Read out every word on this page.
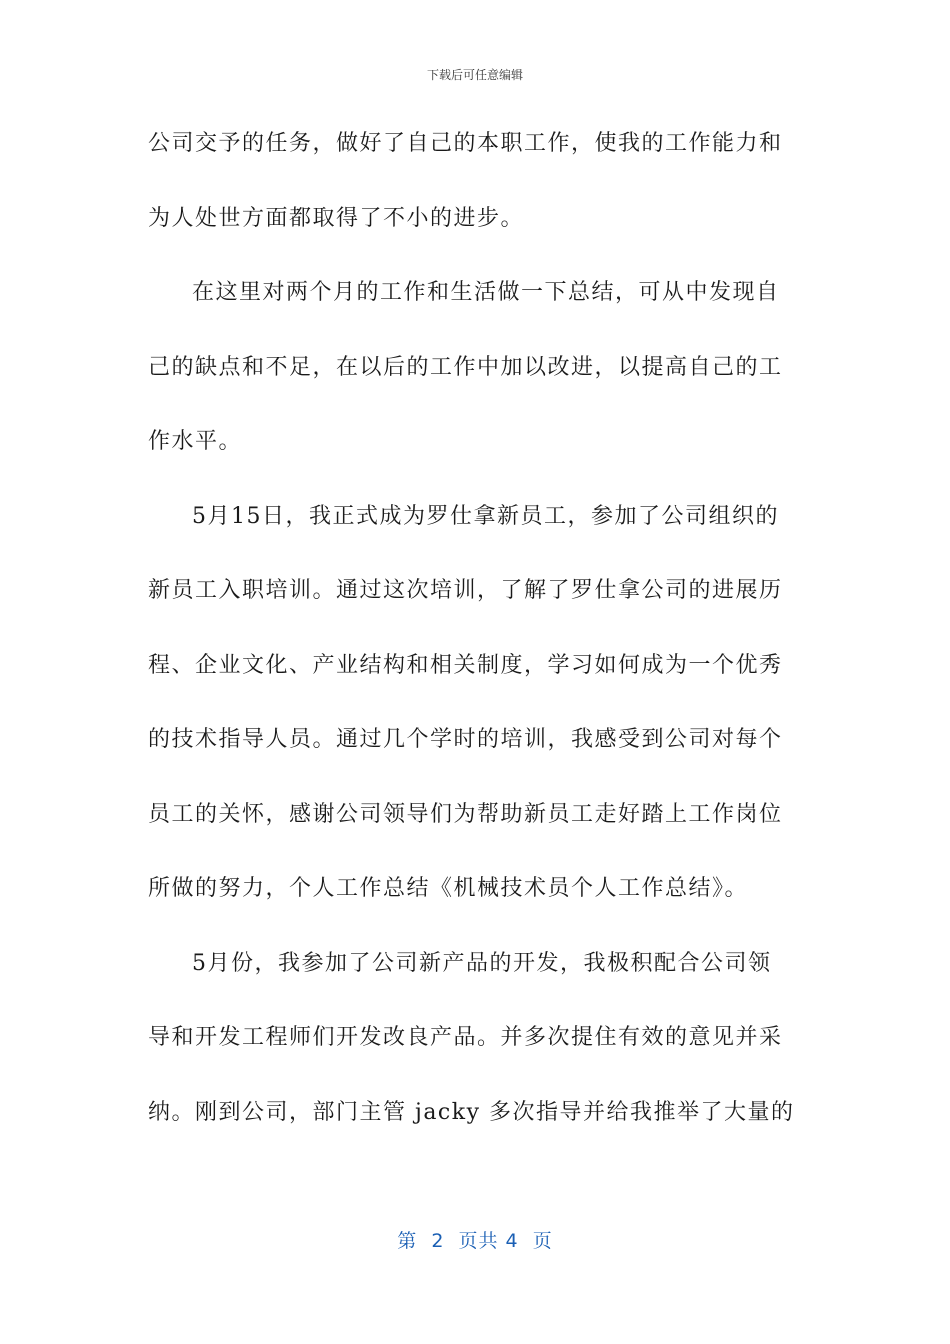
下载后可任意编辑
公司交予的任务，做好了自己的本职工作，使我的工作能力和
为人处世方面都取得了不小的进步。
在这里对两个月的工作和生活做一下总结，可从中发现自
己的缺点和不足，在以后的工作中加以改进，以提高自己的工
作水平。
5月15日，我正式成为罗仕拿新员工，参加了公司组织的
新员工入职培训。通过这次培训，了解了罗仕拿公司的进展历
程、企业文化、产业结构和相关制度，学习如何成为一个优秀
的技术指导人员。通过几个学时的培训，我感受到公司对每个
员工的关怀，感谢公司领导们为帮助新员工走好踏上工作岗位
所做的努力，个人工作总结《机械技术员个人工作总结》。
5月份，我参加了公司新产品的开发，我极积配合公司领
导和开发工程师们开发改良产品。并多次提住有效的意见并采
纳。刚到公司，部门主管 jacky 多次指导并给我推举了大量的
第  2  页共 4  页
